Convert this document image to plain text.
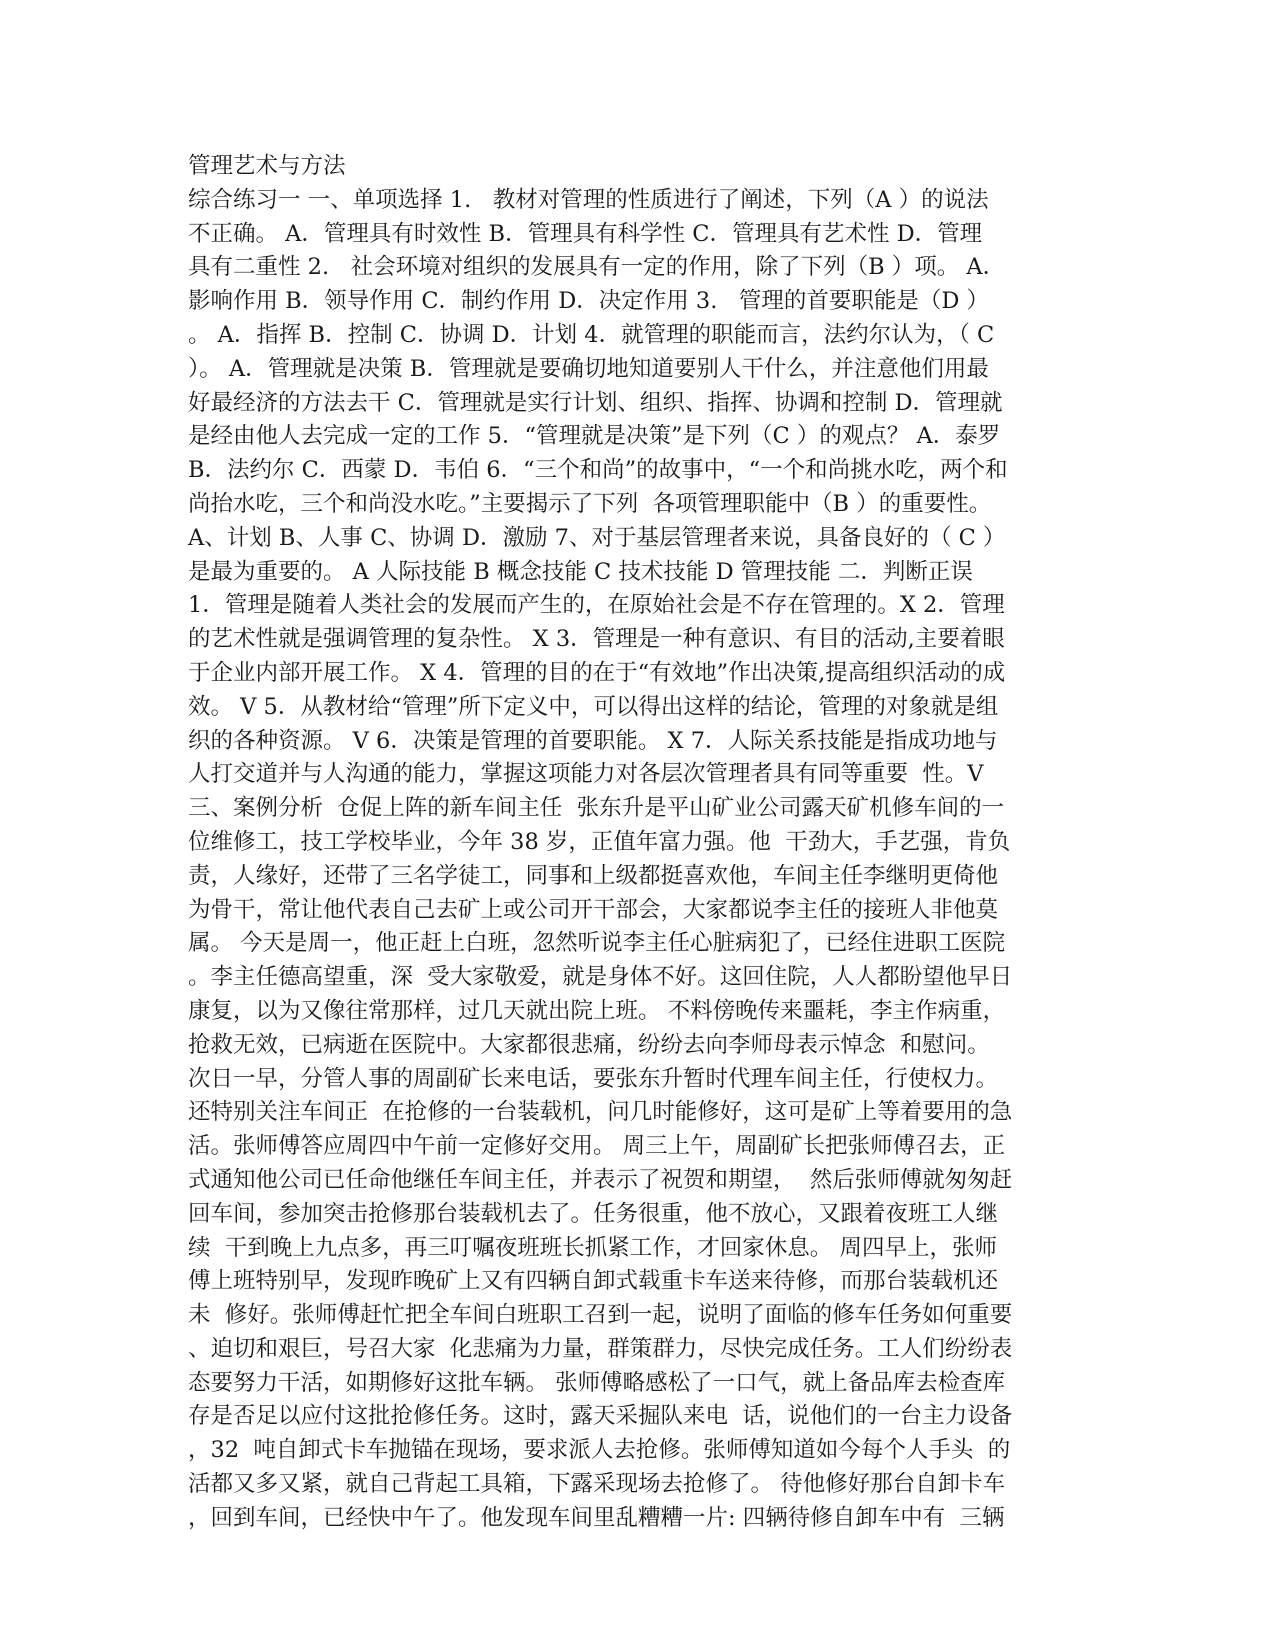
管理艺术与方法
综合练习一 一、单项选择 1.   教材对管理的性质进行了阐述，下列（A ）的说法
不正确。 A．管理具有时效性 B．管理具有科学性 C．管理具有艺术性 D．管理
具有二重性 2.   社会环境对组织的发展具有一定的作用，除了下列（B ）项。 A．
影响作用 B．领导作用 C．制约作用 D．决定作用 3.   管理的首要职能是（D ）
。 A．指挥 B．控制 C．协调 D．计划 4．就管理的职能而言，法约尔认为，（ C
）。 A．管理就是决策 B．管理就是要确切地知道要别人干什么，并注意他们用最
好最经济的方法去干 C．管理就是实行计划、组织、指挥、协调和控制 D．管理就
是经由他人去完成一定的工作 5．“管理就是决策”是下列（C ）的观点？ A．泰罗
B．法约尔 C．西蒙 D．韦伯 6．“三个和尚”的故事中，“一个和尚挑水吃，两个和
尚抬水吃，三个和尚没水吃。”主要揭示了下列  各项管理职能中（B ）的重要性。
A、计划 B、人事 C、协调 D．激励 7、对于基层管理者来说，具备良好的（ C ）
是最为重要的。 A 人际技能 B 概念技能 C 技术技能 D 管理技能 二．判断正误
1．管理是随着人类社会的发展而产生的，在原始社会是不存在管理的。X 2．管理
的艺术性就是强调管理的复杂性。 X 3．管理是一种有意识、有目的活动,主要着眼
于企业内部开展工作。 X 4．管理的目的在于“有效地”作出决策,提高组织活动的成
效。 V 5．从教材给“管理”所下定义中，可以得出这样的结论，管理的对象就是组
织的各种资源。 V 6．决策是管理的首要职能。 X 7．人际关系技能是指成功地与
人打交道并与人沟通的能力，掌握这项能力对各层次管理者具有同等重要  性。V
三、案例分析  仓促上阵的新车间主任  张东升是平山矿业公司露天矿机修车间的一
位维修工，技工学校毕业，今年 38 岁，正值年富力强。他  干劲大，手艺强，肯负
责，人缘好，还带了三名学徒工，同事和上级都挺喜欢他，车间主任李继明更倚他
为骨干，常让他代表自己去矿上或公司开干部会，大家都说李主任的接班人非他莫
属。 今天是周一，他正赶上白班，忽然听说李主任心脏病犯了，已经住进职工医院
。李主任德高望重，深  受大家敬爱，就是身体不好。这回住院，人人都盼望他早日
康复，以为又像往常那样，过几天就出院上班。 不料傍晚传来噩耗，李主作病重，
抢救无效，已病逝在医院中。大家都很悲痛，纷纷去向李师母表示悼念  和慰问。
次日一早，分管人事的周副矿长来电话，要张东升暂时代理车间主任，行使权力。
还特别关注车间正  在抢修的一台装载机，问几时能修好，这可是矿上等着要用的急
活。张师傅答应周四中午前一定修好交用。 周三上午，周副矿长把张师傅召去，正
式通知他公司已任命他继任车间主任，并表示了祝贺和期望，  然后张师傅就匆匆赶
回车间，参加突击抢修那台装载机去了。任务很重，他不放心，又跟着夜班工人继
续  干到晚上九点多，再三叮嘱夜班班长抓紧工作，才回家休息。 周四早上，张师
傅上班特别早，发现昨晚矿上又有四辆自卸式载重卡车送来待修，而那台装载机还
未  修好。张师傅赶忙把全车间白班职工召到一起，说明了面临的修车任务如何重要
、迫切和艰巨，号召大家  化悲痛为力量，群策群力，尽快完成任务。工人们纷纷表
态要努力干活，如期修好这批车辆。 张师傅略感松了一口气，就上备品库去检查库
存是否足以应付这批抢修任务。这时，露天采掘队来电  话，说他们的一台主力设备
，32  吨自卸式卡车抛锚在现场，要求派人去抢修。张师傅知道如今每个人手头  的
活都又多又紧，就自己背起工具箱，下露采现场去抢修了。 待他修好那台自卸卡车
，回到车间，已经快中午了。他发现车间里乱糟糟一片: 四辆待修自卸车中有  三辆
